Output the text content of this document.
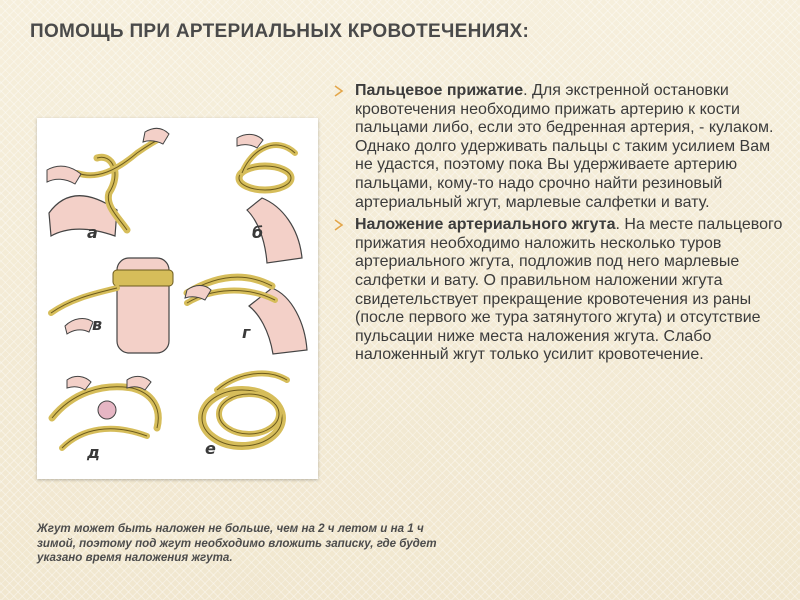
ПОМОЩЬ ПРИ АРТЕРИАЛЬНЫХ КРОВОТЕЧЕНИЯХ:
а	б
в	г
д	е
Пальцевое прижатие. Для экстренной остановки кровотечения необходимо прижать артерию к кости пальцами либо, если это бедренная артерия, - кулаком. Однако долго удерживать пальцы с таким усилием Вам не удастся, поэтому пока Вы удерживаете артерию пальцами, кому-то надо срочно найти резиновый артериальный жгут, марлевые салфетки и вату.
Наложение артериального жгута. На месте пальцевого прижатия необходимо наложить несколько туров артериального жгута, подложив под него марлевые салфетки и вату. О правильном наложении жгута свидетельствует прекращение кровотечения из раны (после первого же тура затянутого жгута) и отсутствие пульсации ниже места наложения жгута. Слабо наложенный жгут только усилит кровотечение.

Жгут может быть наложен не больше, чем на 2 ч летом и на 1 ч зимой, поэтому под жгут необходимо вложить записку, где будет указано время наложения жгута.
